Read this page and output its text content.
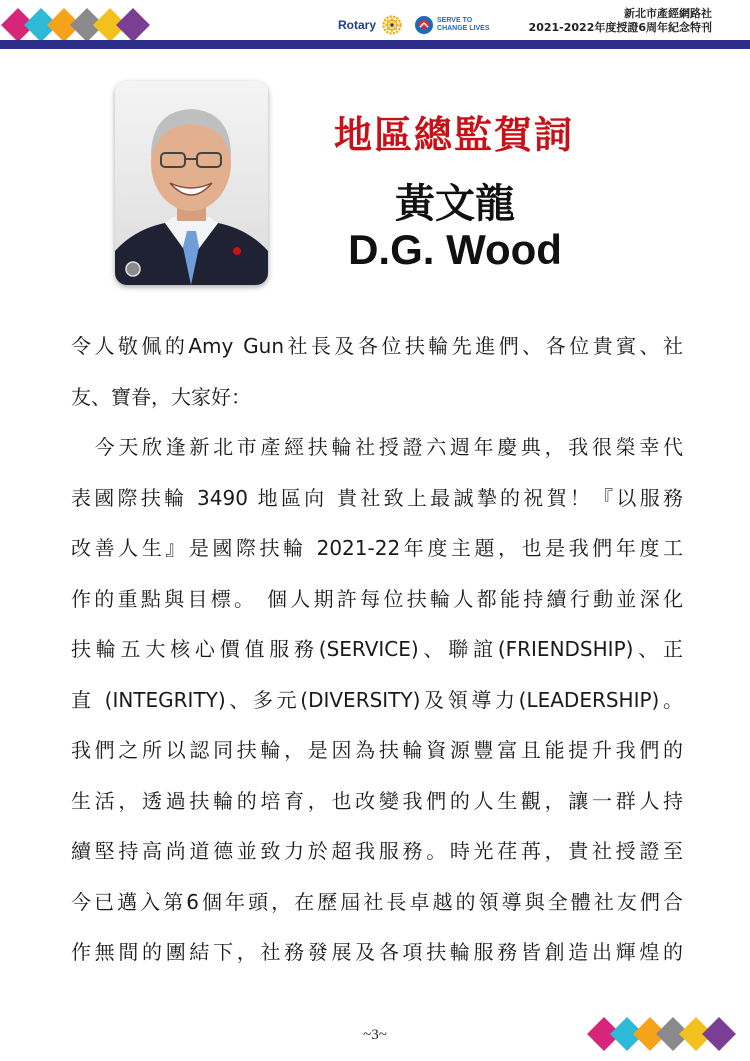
Rotary	SERVE TO
CHANGE LIVES
新北市產經網路社
2021-2022年度授證6周年紀念特刊
地區總監賀詞
黃文龍
D.G. Wood

令人敬佩的Amy Gun社長及各位扶輪先進們、各位貴賓、社
友、寶眷，大家好：

　今天欣逢新北市產經扶輪社授證六週年慶典，我很榮幸代
表國際扶輪 3490 地區向 貴社致上最誠摯的祝賀！『以服務
改善人生』是國際扶輪 2021-22年度主題，也是我們年度工
作的重點與目標。 個人期許每位扶輪人都能持續行動並深化
扶輪五大核心價值服務(SERVICE)、聯誼(FRIENDSHIP)、正
直 (INTEGRITY)、多元(DIVERSITY)及領導力(LEADERSHIP)。
我們之所以認同扶輪，是因為扶輪資源豐富且能提升我們的
生活，透過扶輪的培育，也改變我們的人生觀，讓一群人持
續堅持高尚道德並致力於超我服務。時光荏苒，貴社授證至
今已邁入第6個年頭，在歷屆社長卓越的領導與全體社友們合
作無間的團結下，社務發展及各項扶輪服務皆創造出輝煌的

~3~
